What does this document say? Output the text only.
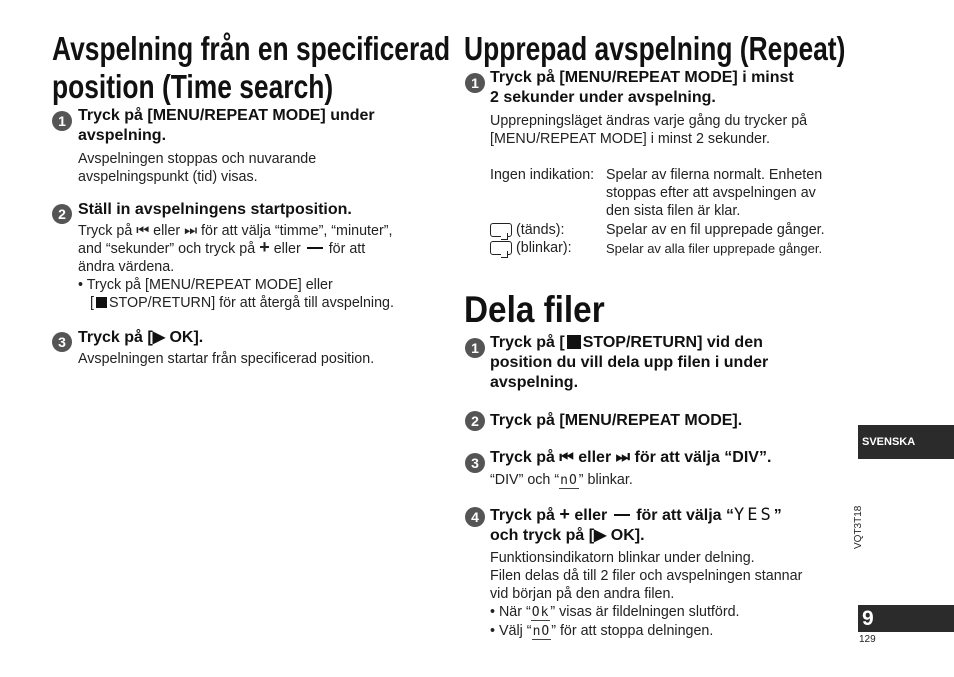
Avspelning från en specificerad
position (Time search)
1 Tryck på [MENU/REPEAT MODE] under
avspelning.
Avspelningen stoppas och nuvarande
avspelningspunkt (tid) visas.
2 Ställ in avspelningens startposition.
Tryck på ⏮ eller ⏭ för att välja “timme”, “minuter”,
and “sekunder” och tryck på + eller för att
ändra värdena.
• Tryck på [MENU/REPEAT MODE] eller
[ STOP/RETURN] för att återgå till avspelning.
3 Tryck på [▶ OK].
Avspelningen startar från specificerad position.
Upprepad avspelning (Repeat)
1 Tryck på [MENU/REPEAT MODE] i minst
2 sekunder under avspelning.
Upprepningsläget ändras varje gång du trycker på
[MENU/REPEAT MODE] i minst 2 sekunder.
Ingen indikation: Spelar av filerna normalt. Enheten
stoppas efter att avspelningen av
den sista filen är klar.
(tänds):	Spelar av en fil upprepade gånger.
(blinkar):	Spelar av alla filer upprepade gånger.
Dela filer
1 Tryck på [ STOP/RETURN] vid den
position du vill dela upp filen i under
avspelning.
2 Tryck på [MENU/REPEAT MODE].
3 Tryck på ⏮ eller ⏭ för att välja “DIV”.
“DIV” och “nO” blinkar.
4 Tryck på + eller för att välja “YES”
och tryck på [▶ OK].
Funktionsindikatorn blinkar under delning.
Filen delas då till 2 filer och avspelningen stannar
vid början på den andra filen.
• När “Ok” visas är fildelningen slutförd.
• Välj “nO” för att stoppa delningen.
SVENSKA
VQT3T18
9
129
